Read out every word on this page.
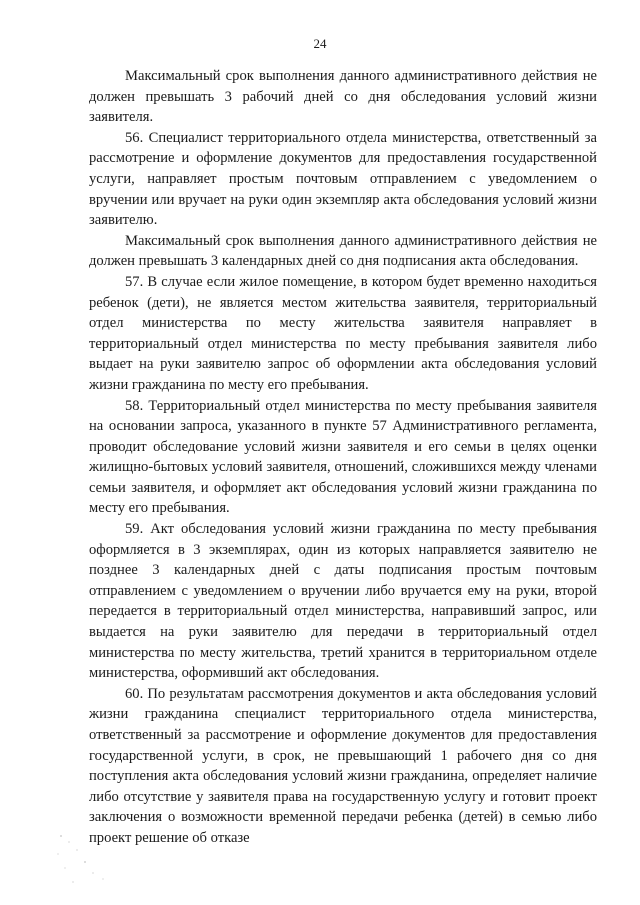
24

Максимальный срок выполнения данного административного действия не должен превышать 3 рабочий дней со дня обследования условий жизни заявителя.

56. Специалист территориального отдела министерства, ответственный за рассмотрение и оформление документов для предоставления государственной услуги, направляет простым почтовым отправлением с уведомлением о вручении или вручает на руки один экземпляр акта обследования условий жизни заявителю.

Максимальный срок выполнения данного административного действия не должен превышать 3 календарных дней со дня подписания акта обследования.

57. В случае если жилое помещение, в котором будет временно находиться ребенок (дети), не является местом жительства заявителя, территориальный отдел министерства по месту жительства заявителя направляет в территориальный отдел министерства по месту пребывания заявителя либо выдает на руки заявителю запрос об оформлении акта обследования условий жизни гражданина по месту его пребывания.

58. Территориальный отдел министерства по месту пребывания заявителя на основании запроса, указанного в пункте 57 Административного регламента, проводит обследование условий жизни заявителя и его семьи в целях оценки жилищно-бытовых условий заявителя, отношений, сложившихся между членами семьи заявителя, и оформляет акт обследования условий жизни гражданина по месту его пребывания.

59. Акт обследования условий жизни гражданина по месту пребывания оформляется в 3 экземплярах, один из которых направляется заявителю не позднее 3 календарных дней с даты подписания простым почтовым отправлением с уведомлением о вручении либо вручается ему на руки, второй передается в территориальный отдел министерства, направивший запрос, или выдается на руки заявителю для передачи в территориальный отдел министерства по месту жительства, третий хранится в территориальном отделе министерства, оформивший акт обследования.

60. По результатам рассмотрения документов и акта обследования условий жизни гражданина специалист территориального отдела министерства, ответственный за рассмотрение и оформление документов для предоставления государственной услуги, в срок, не превышающий 1 рабочего дня со дня поступления акта обследования условий жизни гражданина, определяет наличие либо отсутствие у заявителя права на государственную услугу и готовит проект заключения о возможности временной передачи ребенка (детей) в семью либо проект решение об отказе
